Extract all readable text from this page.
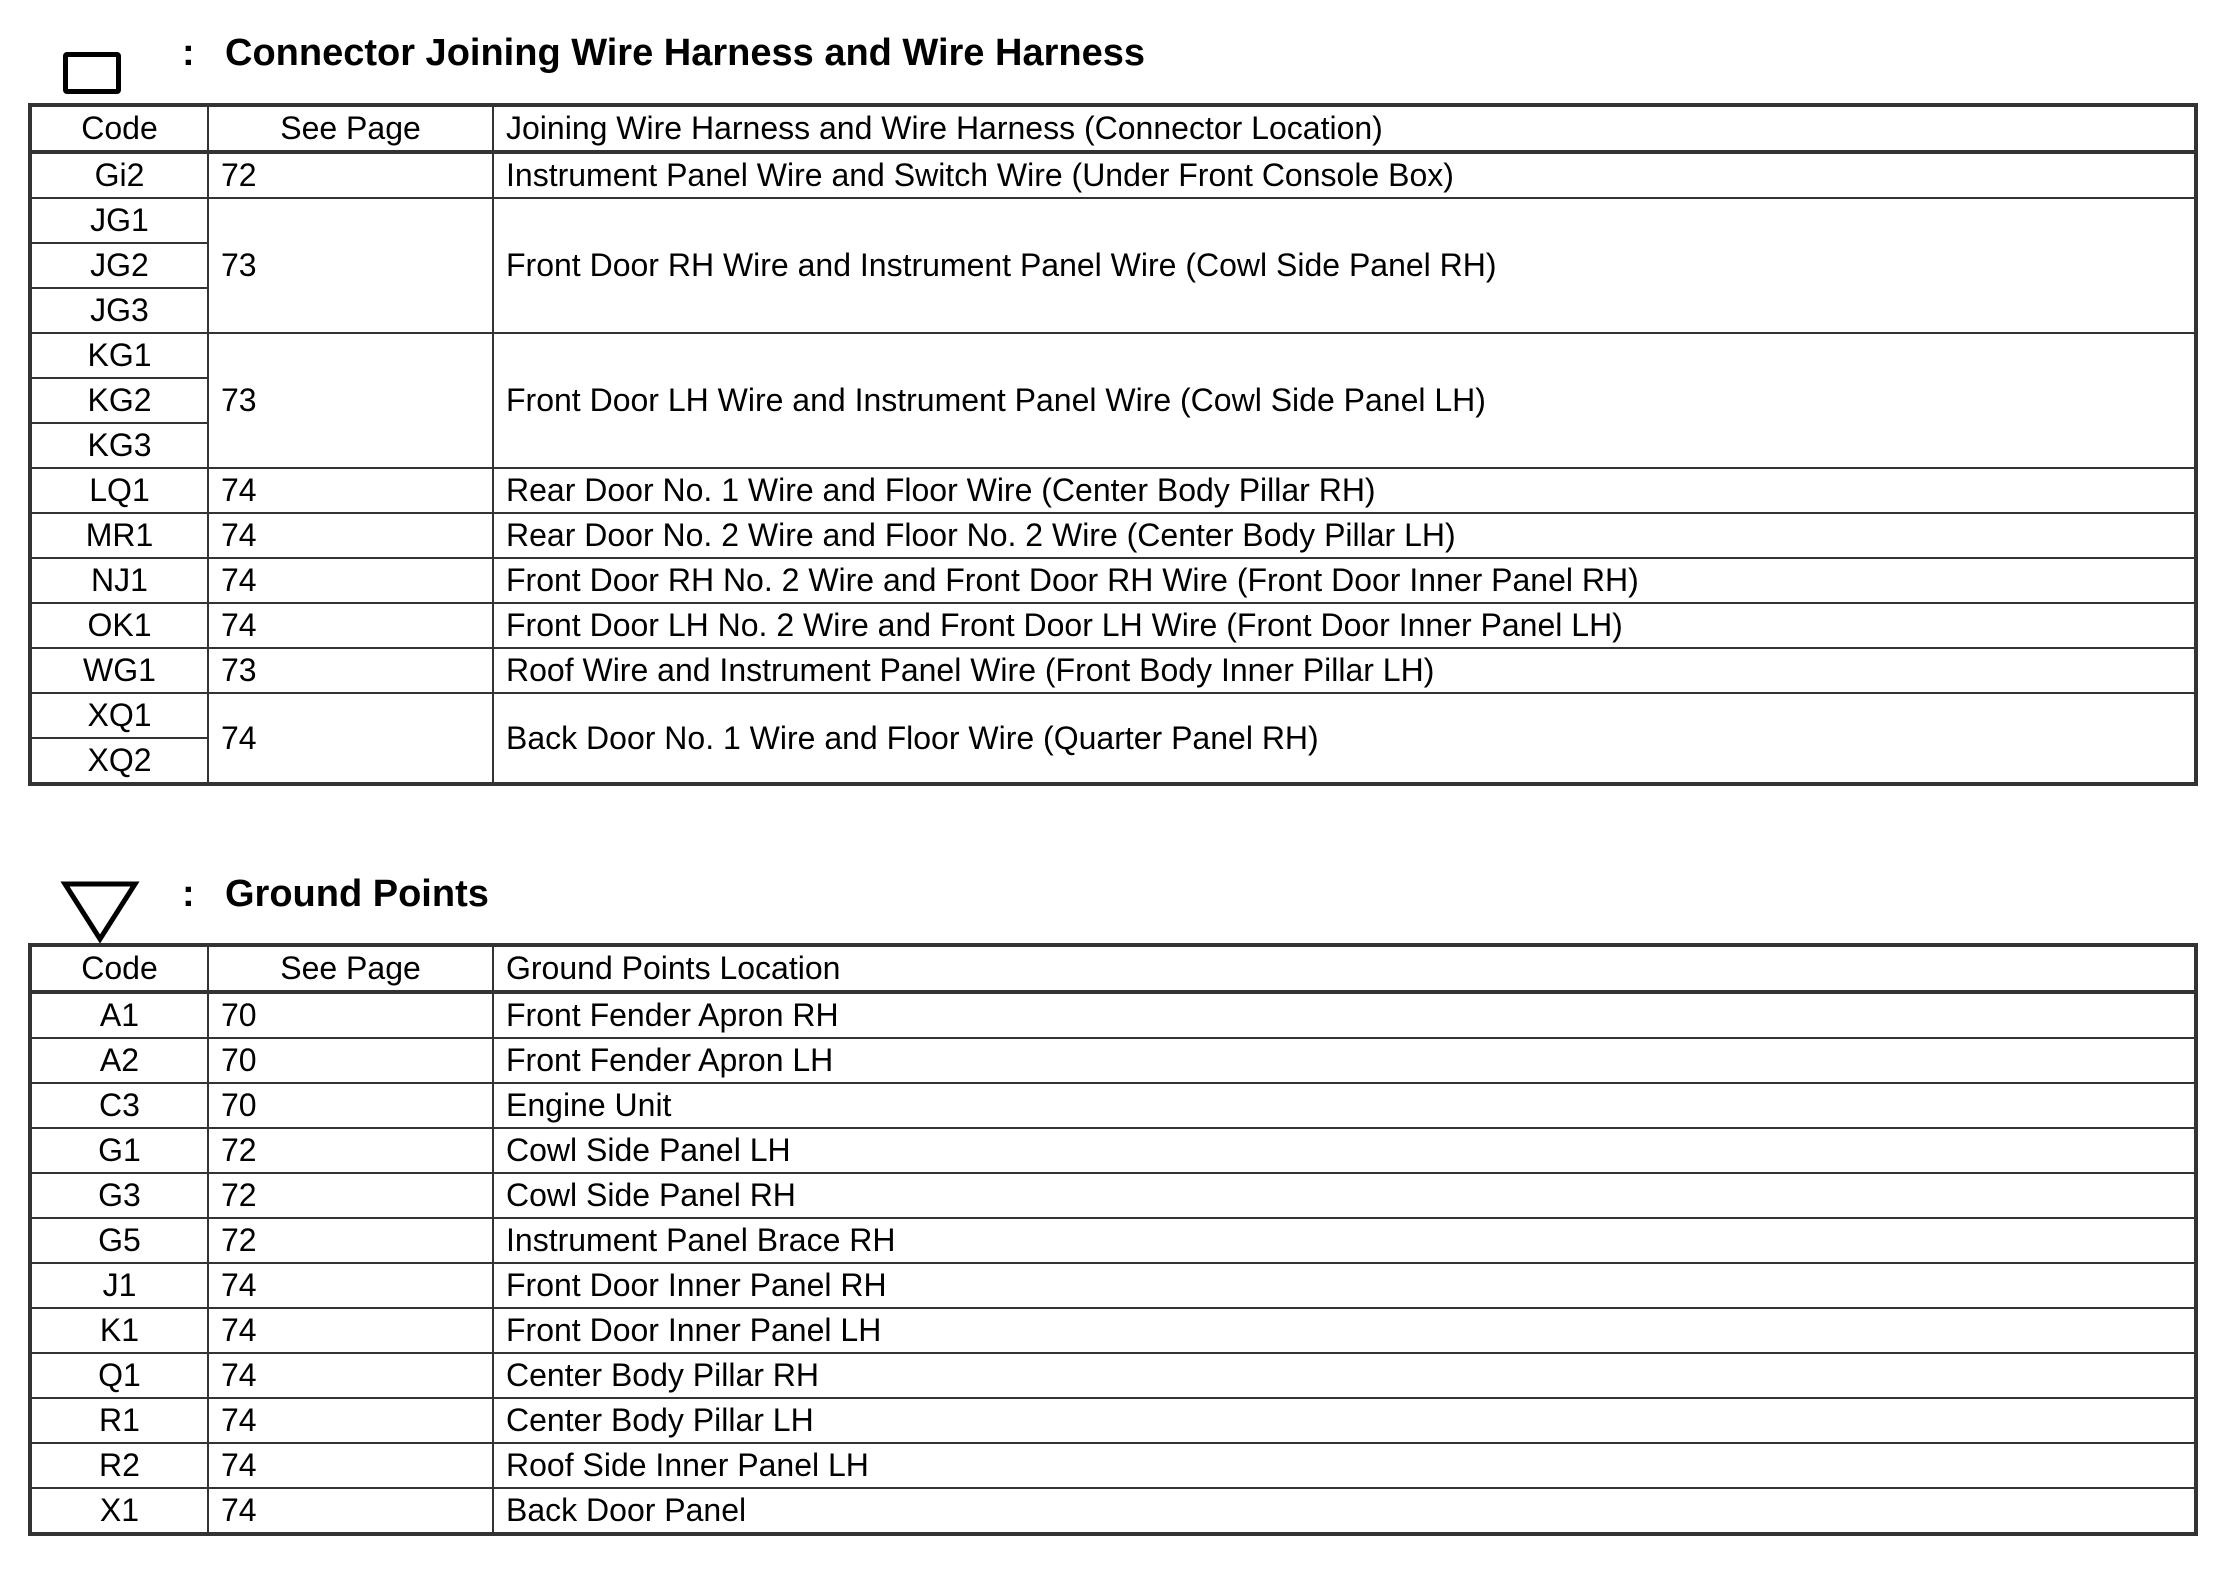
: Connector Joining Wire Harness and Wire Harness
Code	See Page	Joining Wire Harness and Wire Harness (Connector Location)
Gi2	72	Instrument Panel Wire and Switch Wire (Under Front Console Box)
JG1	73	Front Door RH Wire and Instrument Panel Wire (Cowl Side Panel RH)
JG2		
JG3		
KG1	73	Front Door LH Wire and Instrument Panel Wire (Cowl Side Panel LH)
KG2		
KG3		
LQ1	74	Rear Door No. 1 Wire and Floor Wire (Center Body Pillar RH)
MR1	74	Rear Door No. 2 Wire and Floor No. 2 Wire (Center Body Pillar LH)
NJ1	74	Front Door RH No. 2 Wire and Front Door RH Wire (Front Door Inner Panel RH)
OK1	74	Front Door LH No. 2 Wire and Front Door LH Wire (Front Door Inner Panel LH)
WG1	73	Roof Wire and Instrument Panel Wire (Front Body Inner Pillar LH)
XQ1	74	Back Door No. 1 Wire and Floor Wire (Quarter Panel RH)
XQ2		
: Ground Points
Code	See Page	Ground Points Location
A1	70	Front Fender Apron RH
A2	70	Front Fender Apron LH
C3	70	Engine Unit
G1	72	Cowl Side Panel LH
G3	72	Cowl Side Panel RH
G5	72	Instrument Panel Brace RH
J1	74	Front Door Inner Panel RH
K1	74	Front Door Inner Panel LH
Q1	74	Center Body Pillar RH
R1	74	Center Body Pillar LH
R2	74	Roof Side Inner Panel LH
X1	74	Back Door Panel
